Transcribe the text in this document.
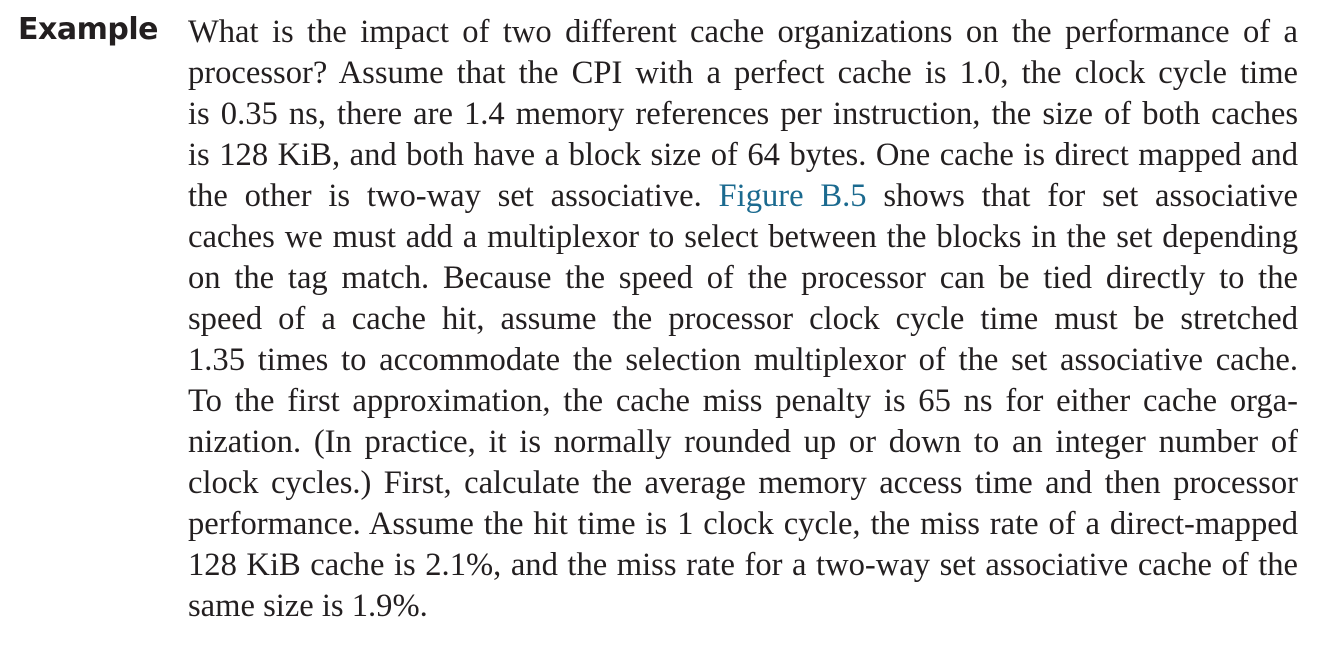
Example What is the impact of two different cache organizations on the performance of a
processor? Assume that the CPI with a perfect cache is 1.0, the clock cycle time
is 0.35 ns, there are 1.4 memory references per instruction, the size of both caches
is 128 KiB, and both have a block size of 64 bytes. One cache is direct mapped and
the other is two-way set associative. Figure B.5 shows that for set associative
caches we must add a multiplexor to select between the blocks in the set depending
on the tag match. Because the speed of the processor can be tied directly to the
speed of a cache hit, assume the processor clock cycle time must be stretched
1.35 times to accommodate the selection multiplexor of the set associative cache.
To the first approximation, the cache miss penalty is 65 ns for either cache orga-
nization. (In practice, it is normally rounded up or down to an integer number of
clock cycles.) First, calculate the average memory access time and then processor
performance. Assume the hit time is 1 clock cycle, the miss rate of a direct-mapped
128 KiB cache is 2.1%, and the miss rate for a two-way set associative cache of the
same size is 1.9%.
